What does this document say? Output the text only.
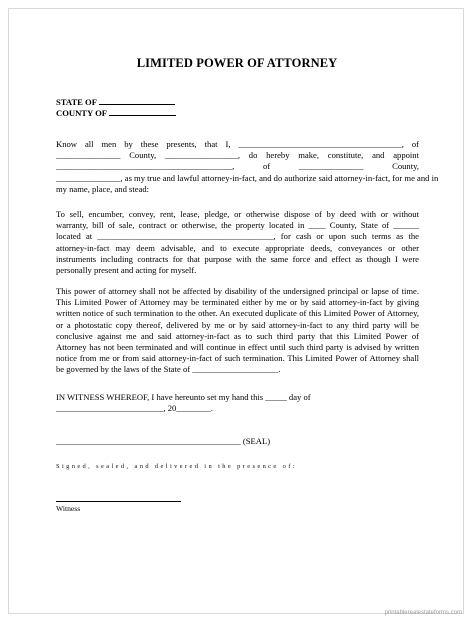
LIMITED POWER OF ATTORNEY
STATE OF
COUNTY OF
Know all men by these presents, that I, ______________________________________, of
_______________ County, _________________, do hereby make, constitute, and appoint
_________________________________________, of _______________ County,
_______________, as my true and lawful attorney-in-fact, and do authorize said attorney-in-fact, for me and in
my name, place, and stead:
To sell, encumber, convey, rent, lease, pledge, or otherwise dispose of by deed with or without
warranty, bill of sale, contract or otherwise, the property located in ____ County, State of ______
located at _________________________________________, for cash or upon such terms as the
attorney-in-fact may deem advisable, and to execute appropriate deeds, conveyances or other
instruments including contracts for that purpose with the same force and effect as though I were
personally present and acting for myself.
This power of attorney shall not be affected by disability of the undersigned principal or lapse of time.
This Limited Power of Attorney may be terminated either by me or by said attorney-in-fact by giving
written notice of such termination to the other. An executed duplicate of this Limited Power of Attorney,
or a photostatic copy thereof, delivered by me or by said attorney-in-fact to any third party will be
conclusive against me and said attorney-in-fact as to such third party that this Limited Power of
Attorney has not been terminated and will continue in effect until such third party is advised by written
notice from me or from said attorney-in-fact of such termination. This Limited Power of Attorney shall
be governed by the laws of the State of ____________________.
IN WITNESS WHEREOF, I have hereunto set my hand this _____ day of
_________________________, 20________.
___________________________________________ (SEAL)
Signed, sealed, and delivered in the presence of:
Witness
printablerealestateforms.com
